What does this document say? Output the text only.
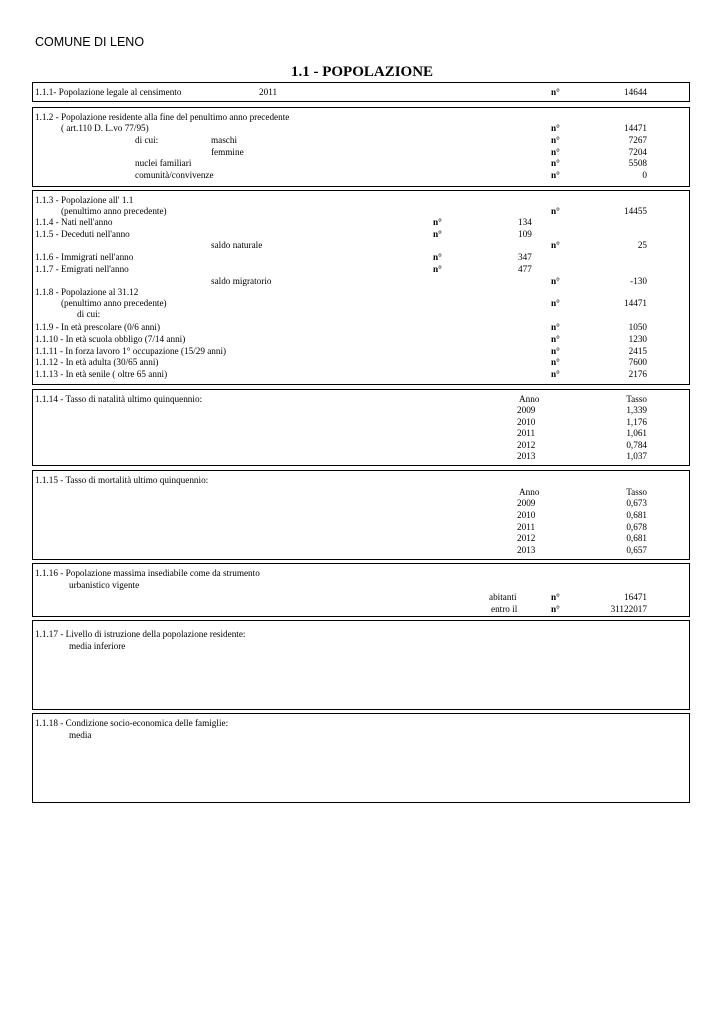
COMUNE DI LENO
1.1 - POPOLAZIONE
1.1.1- Popolazione legale al censimento	2011	n°	14644
1.1.2 - Popolazione residente alla fine del penultimo anno precedente
( art.110 D. L.vo 77/95)	n°	14471
di cui:	maschi	n°	7267
femmine	n°	7204
nuclei familiari	n°	5508
comunità/convivenze	n°	0
1.1.3 - Popolazione all' 1.1
(penultimo anno precedente)	n°	14455
1.1.4 - Nati nell'anno	n°	134
1.1.5 - Deceduti nell'anno	n°	109
saldo naturale	n°	25
1.1.6 - Immigrati nell'anno	n°	347
1.1.7 - Emigrati nell'anno	n°	477
saldo migratorio	n°	-130
1.1.8 - Popolazione al 31.12
(penultimo anno precedente)	n°	14471
di cui:
1.1.9 - In età prescolare (0/6 anni)	n°	1050
1.1.10 - In età scuola obbligo (7/14 anni)	n°	1230
1.1.11 - In forza lavoro 1° occupazione (15/29 anni)	n°	2415
1.1.12 - In età adulta (30/65 anni)	n°	7600
1.1.13 - In età senile ( oltre 65 anni)	n°	2176
1.1.14 - Tasso di natalità ultimo quinquennio:	Anno	Tasso
2009	1,339
2010	1,176
2011	1,061
2012	0,784
2013	1,037
1.1.15 - Tasso di mortalità ultimo quinquennio:
Anno	Tasso
2009	0,673
2010	0,681
2011	0,678
2012	0,681
2013	0,657
1.1.16 - Popolazione massima insediabile come da strumento
urbanistico vigente
abitanti	n°	16471
entro il	n°	31122017
1.1.17 - Livello di istruzione della popolazione residente:
media inferiore
1.1.18 - Condizione socio-economica delle famiglie:
media
